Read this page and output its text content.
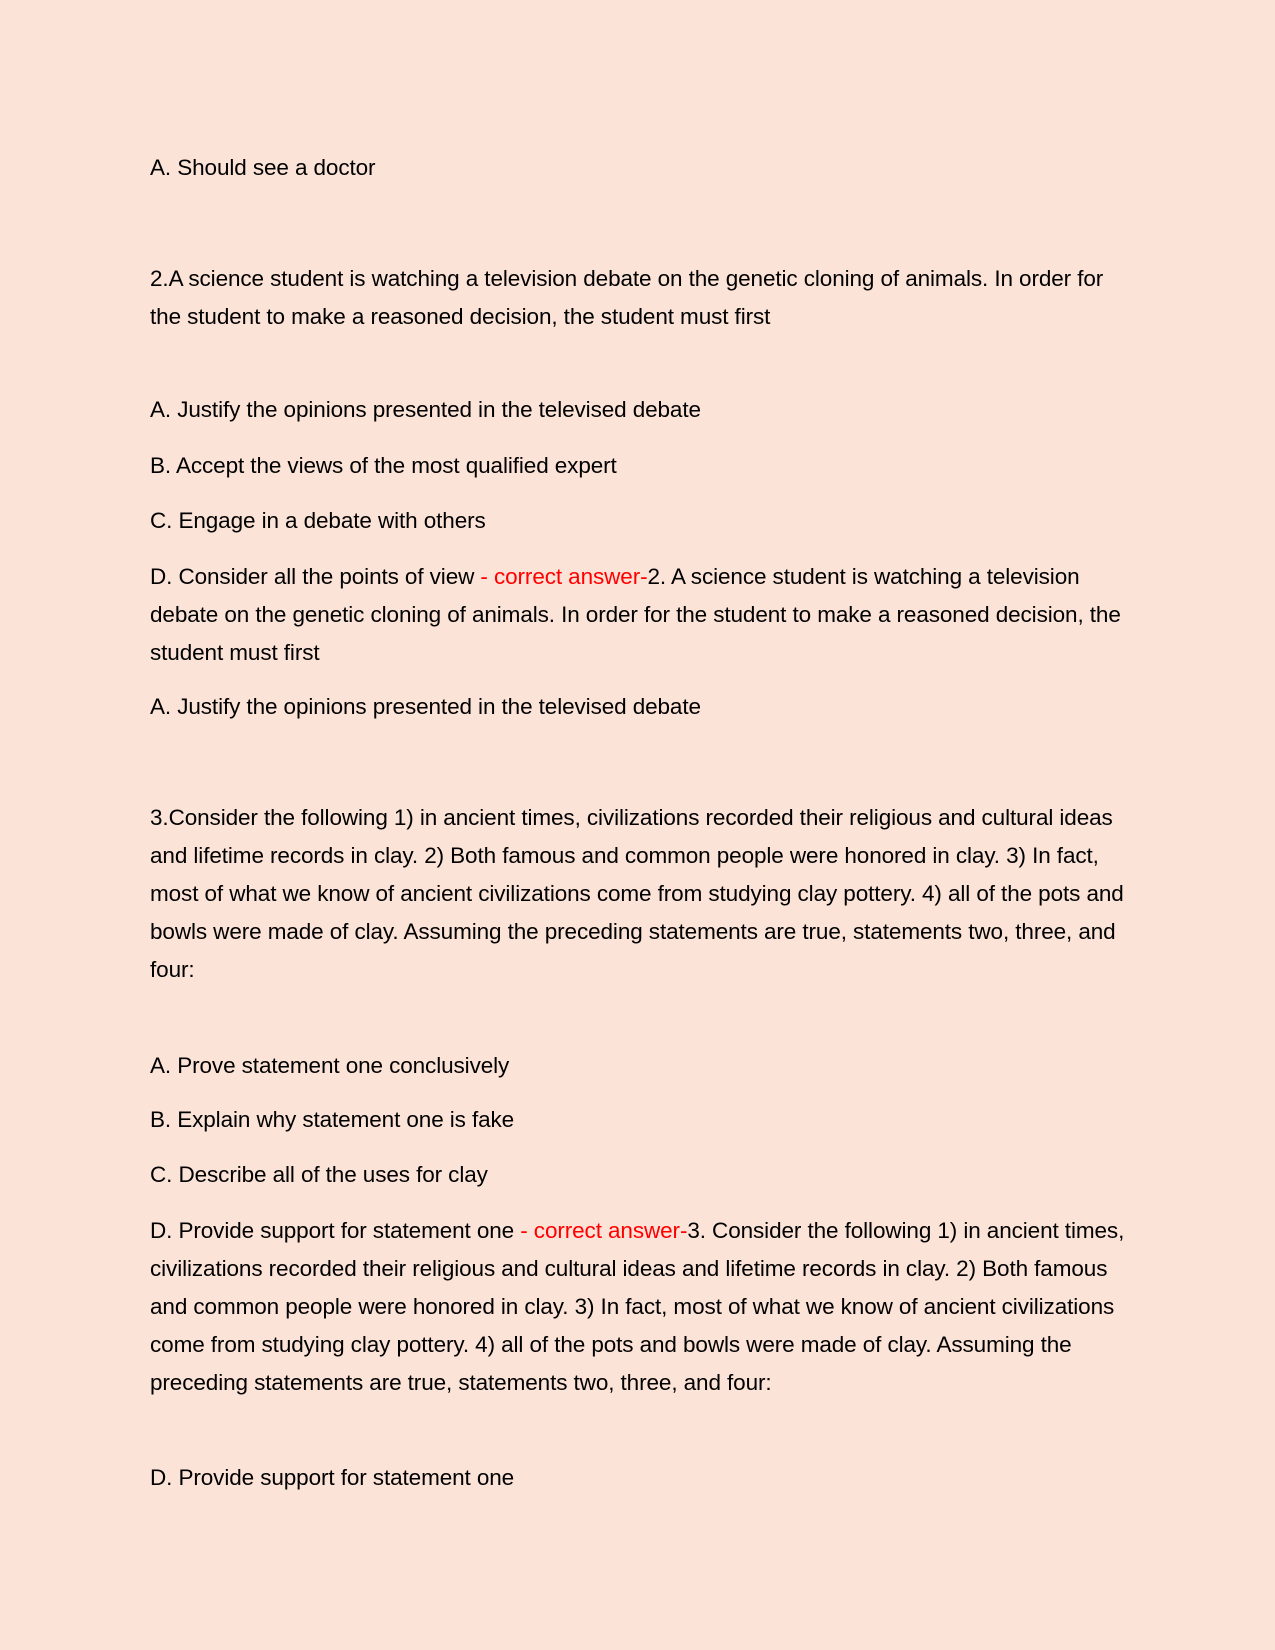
A. Should see a doctor

2.A science student is watching a television debate on the genetic cloning of animals. In order for the student to make a reasoned decision, the student must first

A. Justify the opinions presented in the televised debate

B. Accept the views of the most qualified expert

C. Engage in a debate with others

D. Consider all the points of view - correct answer-2. A science student is watching a television debate on the genetic cloning of animals. In order for the student to make a reasoned decision, the student must first

A. Justify the opinions presented in the televised debate

3.Consider the following 1) in ancient times, civilizations recorded their religious and cultural ideas and lifetime records in clay. 2) Both famous and common people were honored in clay. 3) In fact, most of what we know of ancient civilizations come from studying clay pottery. 4) all of the pots and bowls were made of clay. Assuming the preceding statements are true, statements two, three, and four:

A. Prove statement one conclusively

B. Explain why statement one is fake

C. Describe all of the uses for clay

D. Provide support for statement one - correct answer-3. Consider the following 1) in ancient times, civilizations recorded their religious and cultural ideas and lifetime records in clay. 2) Both famous and common people were honored in clay. 3) In fact, most of what we know of ancient civilizations come from studying clay pottery. 4) all of the pots and bowls were made of clay. Assuming the preceding statements are true, statements two, three, and four:

D. Provide support for statement one
